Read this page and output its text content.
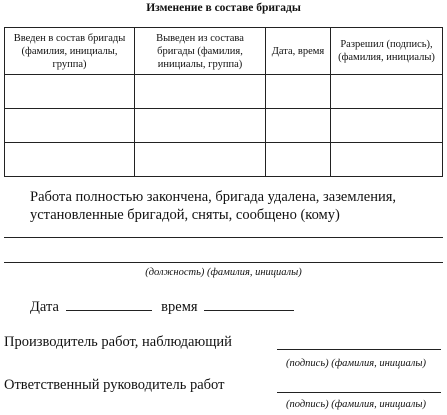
Изменение в составе бригады
Введен в состав бригады (фамилия, инициалы, группа)	Выведен из состава бригады (фамилия, инициалы, группа)	Дата, время	Разрешил (подпись), (фамилия, инициалы)

Работа полностью закончена, бригада удалена, заземления, установленные бригадой, сняты, сообщено (кому)
(должность) (фамилия, инициалы)
Дата	время
Производитель работ, наблюдающий
(подпись) (фамилия, инициалы)
Ответственный руководитель работ
(подпись) (фамилия, инициалы)
